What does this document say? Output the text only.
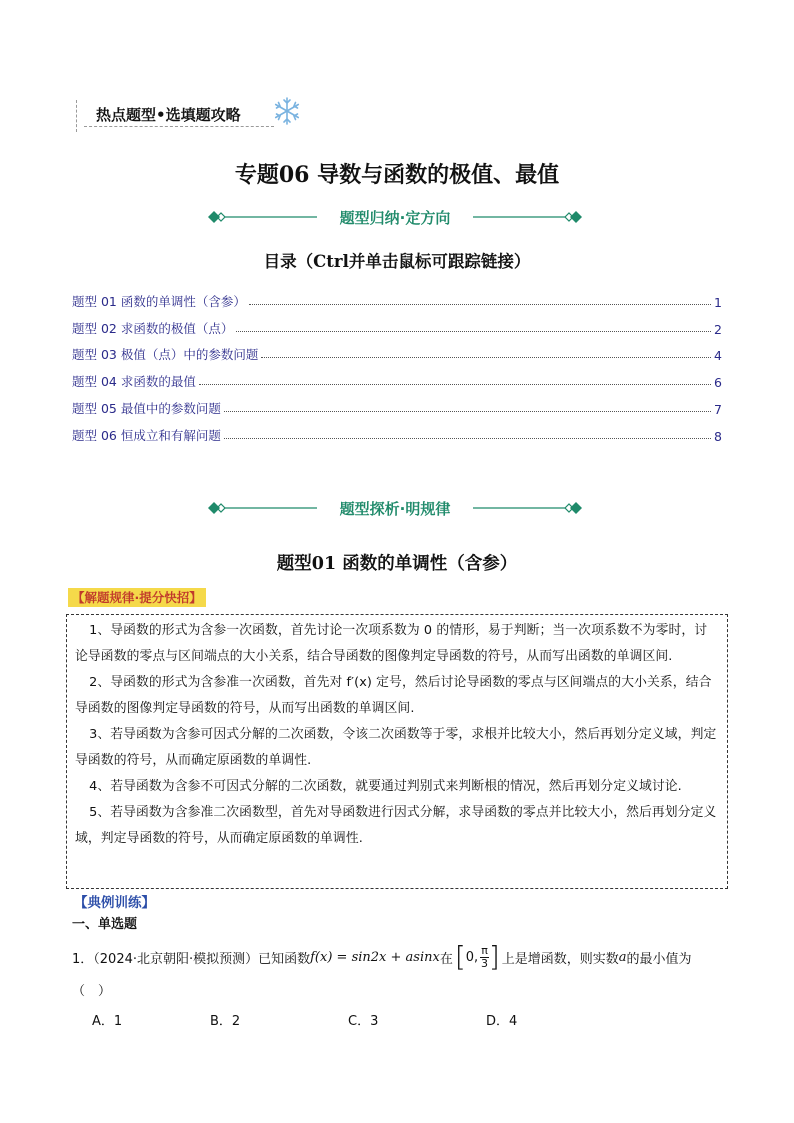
热点题型•选填题攻略
专题06 导数与函数的极值、最值
题型归纳·定方向
目录（Ctrl并单击鼠标可跟踪链接）
题型 01 函数的单调性（含参）	1
题型 02 求函数的极值（点）	2
题型 03 极值（点）中的参数问题	4
题型 04 求函数的最值	6
题型 05 最值中的参数问题	7
题型 06 恒成立和有解问题	8
题型探析·明规律
题型01 函数的单调性（含参）
【解题规律·提分快招】

1、导函数的形式为含参一次函数，首先讨论一次项系数为 0 的情形，易于判断；当一次项系数不为零时，讨论导函数的零点与区间端点的大小关系，结合导函数的图像判定导函数的符号，从而写出函数的单调区间.

2、导函数的形式为含参准一次函数，首先对 f′(x) 定号，然后讨论导函数的零点与区间端点的大小关系，结合导函数的图像判定导函数的符号，从而写出函数的单调区间.

3、若导函数为含参可因式分解的二次函数，令该二次函数等于零，求根并比较大小，然后再划分定义域，判定导函数的符号，从而确定原函数的单调性.

4、若导函数为含参不可因式分解的二次函数，就要通过判别式来判断根的情况，然后再划分定义域讨论.

5、若导函数为含参准二次函数型，首先对导函数进行因式分解，求导函数的零点并比较大小，然后再划分定义域，判定导函数的符号，从而确定原函数的单调性.

【典例训练】
一、单选题
1．（2024·北京朝阳·模拟预测）已知函数 f(x) = sin2x + asinx 在 [ 0, $\frac{\pi}{3}$ ] 上是增函数，则实数 a 的最小值为
（　）
A．1	B．2	C．3	D．4
